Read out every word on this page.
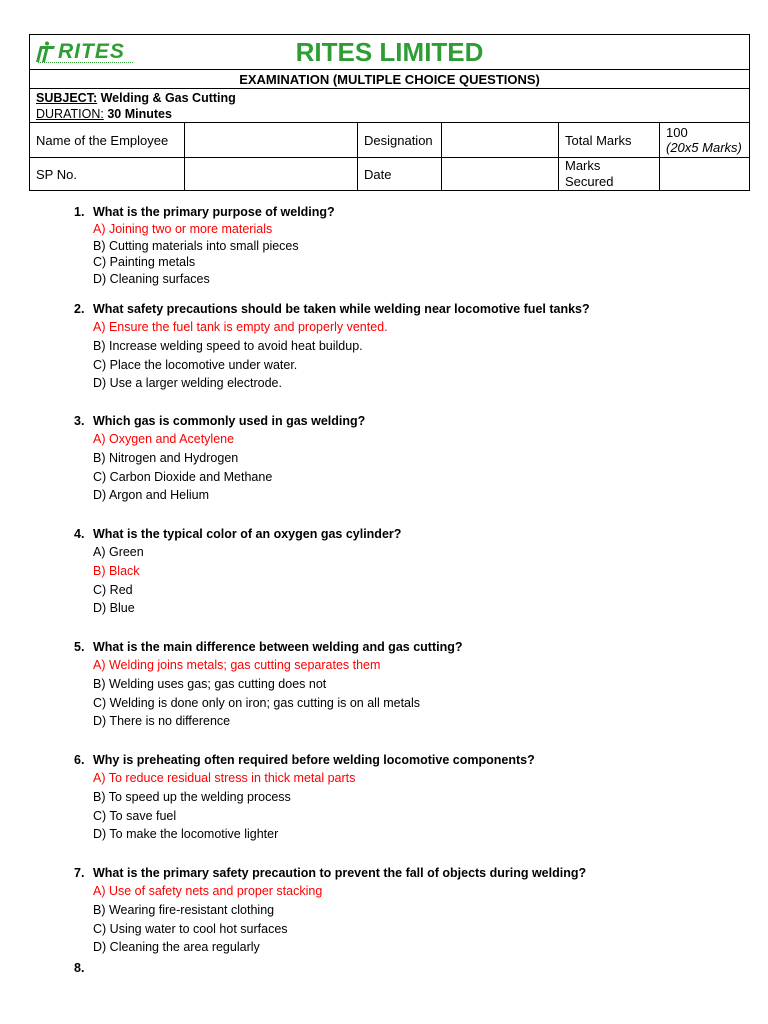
RITES RITES LIMITED					

EXAMINATION (MULTIPLE CHOICE QUESTIONS)					

SUBJECT: Welding & Gas Cutting
DURATION: 30 Minutes					

Name of the Employee		Designation		Total Marks	100
(20x5 Marks)

SP No.		Date		Marks
Secured	

1. What is the primary purpose of welding?
A) Joining two or more materials
B) Cutting materials into small pieces
C) Painting metals
D) Cleaning surfaces
2. What safety precautions should be taken while welding near locomotive fuel tanks?
A) Ensure the fuel tank is empty and properly vented.
B) Increase welding speed to avoid heat buildup.
C) Place the locomotive under water.
D) Use a larger welding electrode.
3. Which gas is commonly used in gas welding?
A) Oxygen and Acetylene
B) Nitrogen and Hydrogen
C) Carbon Dioxide and Methane
D) Argon and Helium
4. What is the typical color of an oxygen gas cylinder?
A) Green
B) Black
C) Red
D) Blue
5. What is the main difference between welding and gas cutting?
A) Welding joins metals; gas cutting separates them
B) Welding uses gas; gas cutting does not
C) Welding is done only on iron; gas cutting is on all metals
D) There is no difference
6. Why is preheating often required before welding locomotive components?
A) To reduce residual stress in thick metal parts
B) To speed up the welding process
C) To save fuel
D) To make the locomotive lighter
7. What is the primary safety precaution to prevent the fall of objects during welding?
A) Use of safety nets and proper stacking
B) Wearing fire-resistant clothing
C) Using water to cool hot surfaces
D) Cleaning the area regularly
8.
